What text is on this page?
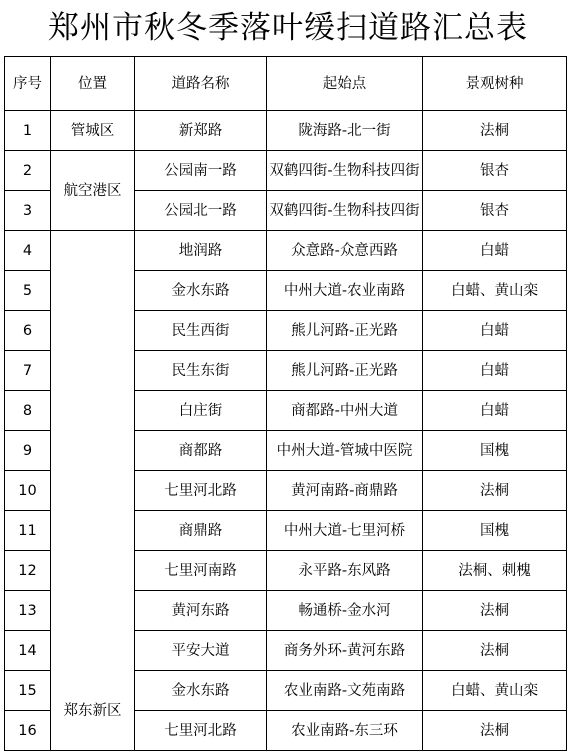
郑州市秋冬季落叶缓扫道路汇总表
序号	位置	道路名称	起始点	景观树种
1	管城区	新郑路	陇海路-北一街	法桐
2	航空港区	公园南一路	双鹤四街-生物科技四街	银杏
3		公园北一路	双鹤四街-生物科技四街	银杏
4	郑东新区	地润路	众意路-众意西路	白蜡
5		金水东路	中州大道-农业南路	白蜡、黄山栾
6		民生西街	熊儿河路-正光路	白蜡
7		民生东街	熊儿河路-正光路	白蜡
8		白庄街	商都路-中州大道	白蜡
9		商都路	中州大道-管城中医院	国槐
10		七里河北路	黄河南路-商鼎路	法桐
11		商鼎路	中州大道-七里河桥	国槐
12		七里河南路	永平路-东风路	法桐、刺槐
13		黄河东路	畅通桥-金水河	法桐
14		平安大道	商务外环-黄河东路	法桐
15		金水东路	农业南路-文苑南路	白蜡、黄山栾
16		七里河北路	农业南路-东三环	法桐
